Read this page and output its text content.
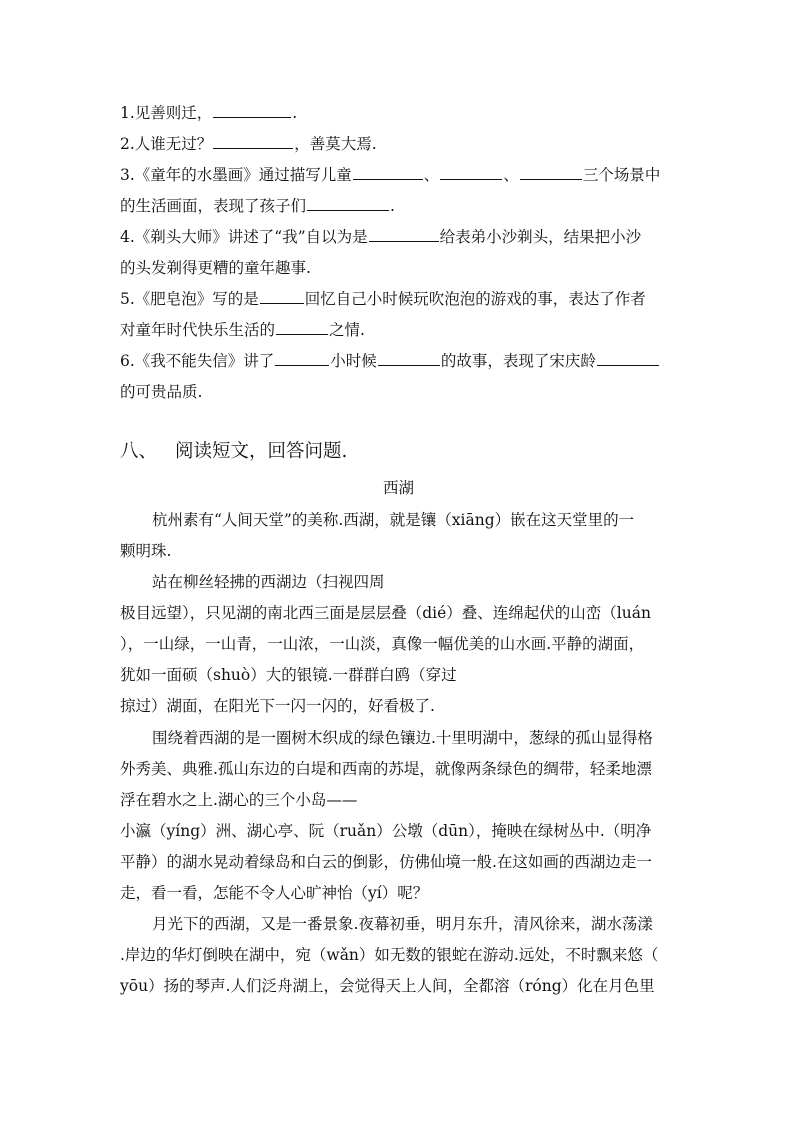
1.见善则迁，	.
2.人谁无过？	，善莫大焉.
3.《童年的水墨画》通过描写儿童	、	、	三个场景中
的生活画面，表现了孩子们	.
4.《剃头大师》讲述了“我”自以为是	给表弟小沙剃头，结果把小沙
的头发剃得更糟的童年趣事.
5.《肥皂泡》写的是	回忆自己小时候玩吹泡泡的游戏的事，表达了作者
对童年时代快乐生活的	之情.
6.《我不能失信》讲了	小时候	的故事，表现了宋庆龄
的可贵品质.
八、 阅读短文，回答问题.
西湖
杭州素有“人间天堂”的美称.西湖，就是镶（xiāng）嵌在这天堂里的一
颗明珠.
站在柳丝轻拂的西湖边（扫视四周
极目远望），只见湖的南北西三面是层层叠（dié）叠、连绵起伏的山峦（luán
），一山绿，一山青，一山浓，一山淡，真像一幅优美的山水画.平静的湖面，
犹如一面硕（shuò）大的银镜.一群群白鸥（穿过
掠过）湖面，在阳光下一闪一闪的，好看极了.
围绕着西湖的是一圈树木织成的绿色镶边.十里明湖中，葱绿的孤山显得格
外秀美、典雅.孤山东边的白堤和西南的苏堤，就像两条绿色的绸带，轻柔地漂
浮在碧水之上.湖心的三个小岛——
小瀛（yíng）洲、湖心亭、阮（ruǎn）公墩（dūn），掩映在绿树丛中.（明净
平静）的湖水晃动着绿岛和白云的倒影，仿佛仙境一般.在这如画的西湖边走一
走，看一看，怎能不令人心旷神怡（yí）呢？
月光下的西湖，又是一番景象.夜幕初垂，明月东升，清风徐来，湖水荡漾
.岸边的华灯倒映在湖中，宛（wǎn）如无数的银蛇在游动.远处，不时飘来悠（
yōu）扬的琴声.人们泛舟湖上，会觉得天上人间，全都溶（róng）化在月色里
